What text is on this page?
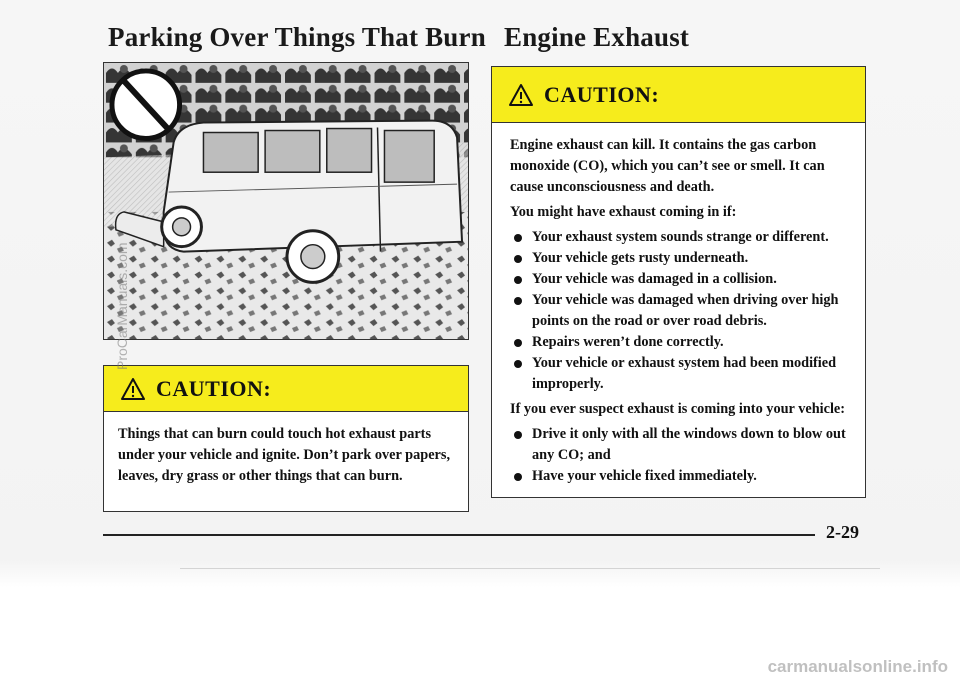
Parking Over Things That Burn Engine Exhaust
CAUTION:

Things that can burn could touch hot exhaust parts under your vehicle and ignite. Don’t park over papers, leaves, dry grass or other things that can burn.

CAUTION:

Engine exhaust can kill. It contains the gas carbon monoxide (CO), which you can’t see or smell. It can cause unconsciousness and death.

You might have exhaust coming in if:

Your exhaust system sounds strange or different.
Your vehicle gets rusty underneath.
Your vehicle was damaged in a collision.
Your vehicle was damaged when driving over high points on the road or over road debris.
Repairs weren’t done correctly.
Your vehicle or exhaust system had been modified improperly.

If you ever suspect exhaust is coming into your vehicle:

Drive it only with all the windows down to blow out any CO; and
Have your vehicle fixed immediately.
2-29
ProCarManuals.com
carmanualsonline.info
